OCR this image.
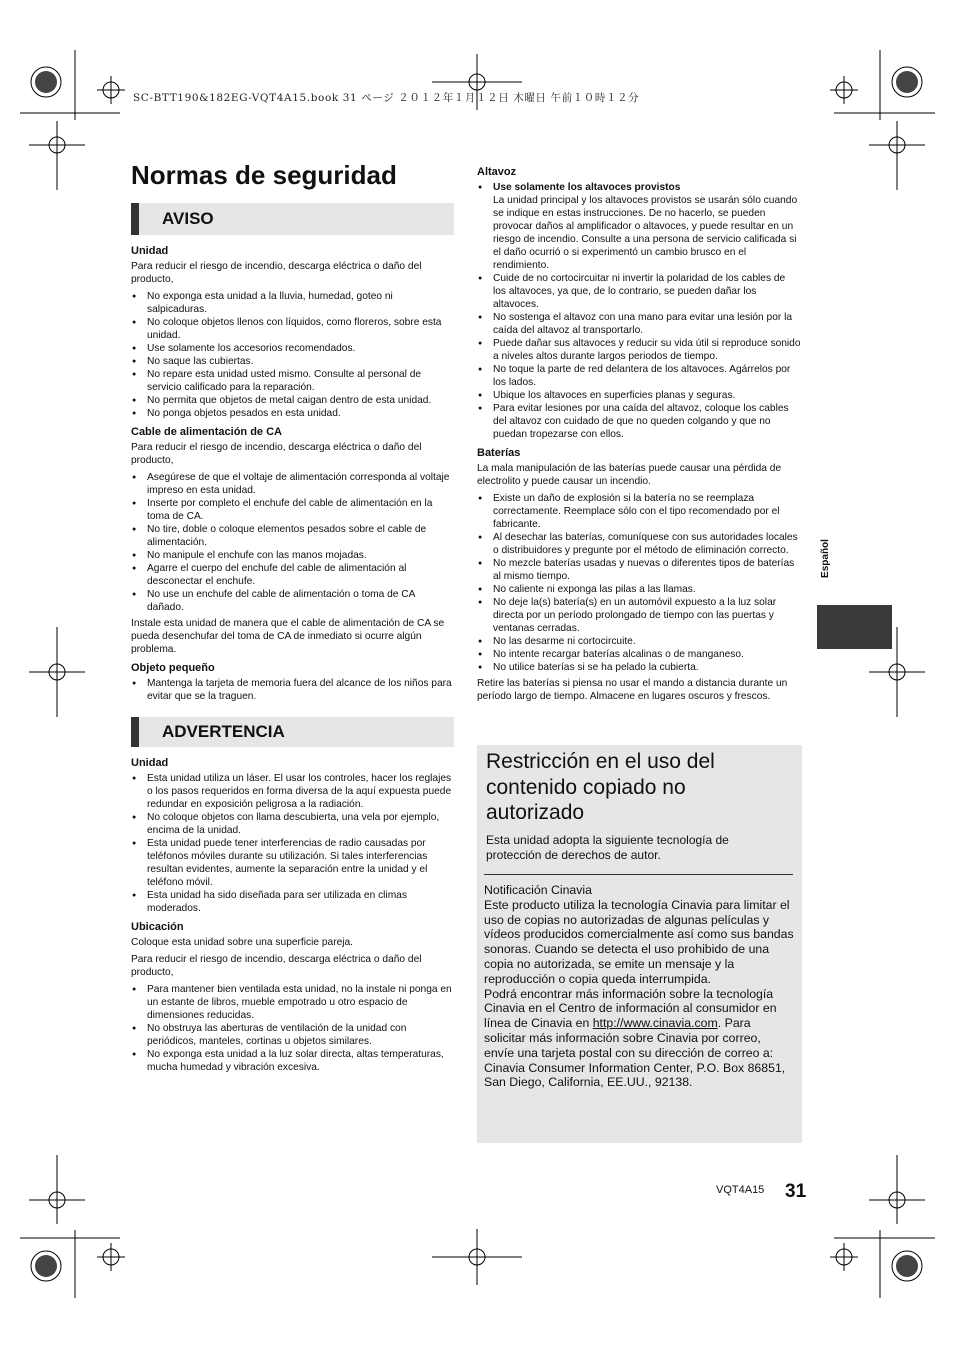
SC-BTT190&182EG-VQT4A15.book 31 ページ ２０１２年１月１２日 木曜日 午前１０時１２分
Normas de seguridad
AVISO
Unidad

Para reducir el riesgo de incendio, descarga eléctrica o daño del producto,

● No exponga esta unidad a la lluvia, humedad, goteo ni salpicaduras.
● No coloque objetos llenos con líquidos, como floreros, sobre esta unidad.
● Use solamente los accesorios recomendados.
● No saque las cubiertas.
● No repare esta unidad usted mismo. Consulte al personal de servicio calificado para la reparación.
● No permita que objetos de metal caigan dentro de esta unidad.
● No ponga objetos pesados en esta unidad.
Cable de alimentación de CA

Para reducir el riesgo de incendio, descarga eléctrica o daño del producto,

● Asegúrese de que el voltaje de alimentación corresponda al voltaje impreso en esta unidad.
● Inserte por completo el enchufe del cable de alimentación en la toma de CA.
● No tire, doble o coloque elementos pesados sobre el cable de alimentación.
● No manipule el enchufe con las manos mojadas.
● Agarre el cuerpo del enchufe del cable de alimentación al desconectar el enchufe.
● No use un enchufe del cable de alimentación o toma de CA dañado.

Instale esta unidad de manera que el cable de alimentación de CA se pueda desenchufar del toma de CA de inmediato si ocurre algún problema.

Objeto pequeño
● Mantenga la tarjeta de memoria fuera del alcance de los niños para evitar que se la traguen.
ADVERTENCIA
Unidad
● Esta unidad utiliza un láser. El usar los controles, hacer los reglajes o los pasos requeridos en forma diversa de la aquí expuesta puede redundar en exposición peligrosa a la radiación.
● No coloque objetos con llama descubierta, una vela por ejemplo, encima de la unidad.
● Esta unidad puede tener interferencias de radio causadas por teléfonos móviles durante su utilización. Si tales interferencias resultan evidentes, aumente la separación entre la unidad y el teléfono móvil.
● Esta unidad ha sido diseñada para ser utilizada en climas moderados.
Ubicación

Coloque esta unidad sobre una superficie pareja.

Para reducir el riesgo de incendio, descarga eléctrica o daño del producto,

● Para mantener bien ventilada esta unidad, no la instale ni ponga en un estante de libros, mueble empotrado u otro espacio de dimensiones reducidas.
● No obstruya las aberturas de ventilación de la unidad con periódicos, manteles, cortinas u objetos similares.
● No exponga esta unidad a la luz solar directa, altas temperaturas, mucha humedad y vibración excesiva.
Altavoz
● Use solamente los altavoces provistos
La unidad principal y los altavoces provistos se usarán sólo cuando se indique en estas instrucciones. De no hacerlo, se pueden provocar daños al amplificador o altavoces, y puede resultar en un riesgo de incendio. Consulte a una persona de servicio calificada si el daño ocurrió o si experimentó un cambio brusco en el rendimiento.
● Cuide de no cortocircuitar ni invertir la polaridad de los cables de los altavoces, ya que, de lo contrario, se pueden dañar los altavoces.
● No sostenga el altavoz con una mano para evitar una lesión por la caída del altavoz al transportarlo.
● Puede dañar sus altavoces y reducir su vida útil si reproduce sonido a niveles altos durante largos periodos de tiempo.
● No toque la parte de red delantera de los altavoces. Agárrelos por los lados.
● Ubique los altavoces en superficies planas y seguras.
● Para evitar lesiones por una caída del altavoz, coloque los cables del altavoz con cuidado de que no queden colgando y que no puedan tropezarse con ellos.
Baterías

La mala manipulación de las baterías puede causar una pérdida de electrolito y puede causar un incendio.

● Existe un daño de explosión si la batería no se reemplaza correctamente. Reemplace sólo con el tipo recomendado por el fabricante.
● Al desechar las baterías, comuníquese con sus autoridades locales o distribuidores y pregunte por el método de eliminación correcto.
● No mezcle baterías usadas y nuevas o diferentes tipos de baterías al mismo tiempo.
● No caliente ni exponga las pilas a las llamas.
● No deje la(s) batería(s) en un automóvil expuesto a la luz solar directa por un período prolongado de tiempo con las puertas y ventanas cerradas.
● No las desarme ni cortocircuite.
● No intente recargar baterías alcalinas o de manganeso.
● No utilice baterías si se ha pelado la cubierta.

Retire las baterías si piensa no usar el mando a distancia durante un período largo de tiempo. Almacene en lugares oscuros y frescos.

Restricción en el uso del contenido copiado no autorizado
Esta unidad adopta la siguiente tecnología de protección de derechos de autor.

Notificación Cinavia

Este producto utiliza la tecnología Cinavia para limitar el uso de copias no autorizadas de algunas películas y vídeos producidos comercialmente así como sus bandas sonoras. Cuando se detecta el uso prohibido de una copia no autorizada, se emite un mensaje y la reproducción o copia queda interrumpida.

Podrá encontrar más información sobre la tecnología Cinavia en el Centro de información al consumidor en línea de Cinavia en http://www.cinavia.com. Para solicitar más información sobre Cinavia por correo, envíe una tarjeta postal con su dirección de correo a: Cinavia Consumer Information Center, P.O. Box 86851, San Diego, California, EE.UU., 92138.

Español
VQT4A15 31
